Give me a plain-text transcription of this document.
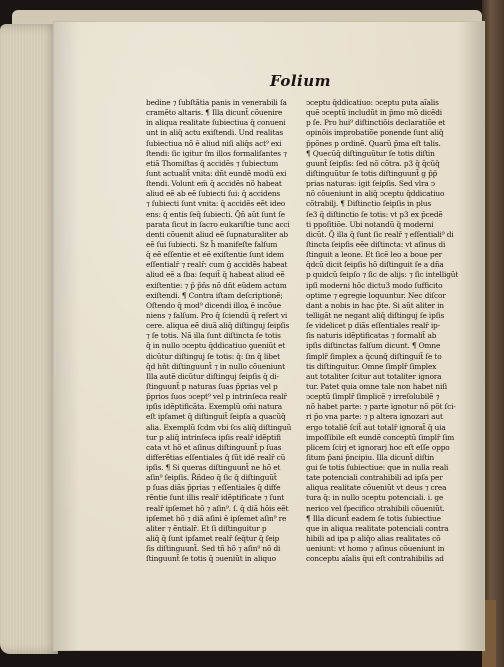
Folium
bedine ⁊ ſubſtãtia panis in venerabili ſa
cramẽto altaris. ¶ Illa dicunt̄ cõuenire
in aliqua realitate ſubiectiua q̄ conueni
unt in aliq̄ actu exiſtendi. Und realitas
ſubiectiua nõ ē aliud niſi aliq̄s act⁹ exi
ſtendi: ſic igitur ſm illos formaliſantes ⁊
etiã Thomiſtas q̄ accidẽs ⁊ ſubiectum
ſunt actualit̄ vnita: dñt eundẽ modū exi
ſtendi. Volunt em̄ q̄ accidẽs nõ habeat
aliud eẽ ab eẽ ſubiecti ſui: q̄ accidens
⁊ ſubiecti ſunt vnita: q̄ accidẽs eẽt ideo
ens: q̄ entis ſeq̄ ſubiecti. Q̄ñ aũt ſunt ſe
parata ſicut in ſacro eukariſtie tunc acci
denti cõuenit aliud eẽ ſupnaturaliter ab
eẽ ſui ſubiecti. Sz h̄ manifeſte falſum
q̄ eẽ eſſentie et eẽ exiſtentie ſunt idem
eſſentialr̄ ⁊ realr̄: cum ḡ accidẽs habeat
aliud eẽ a ſba: ſequit̄ q̄ habeat aliud eẽ
exiſtentie: ⁊ p̄ p̄ñs nõ dñt eũdem actum
exiſtendi. ¶ Contra iſtam deſcriptionẽ;
Oſtendo q̄ mod⁹ dicendi illoꝝ ē incõue
niens ⁊ falſum. Pro q̄ ſciendũ q̄ refert vi
cere. aliqua eẽ diuã aliq̄ diſtinguj ſeipſis
⁊ ſe totis. Nã illa ſunt diſtincta ſe totis
q̄ in nullo ↄceptu q̄ddicatiuo ꝯueniũt et
dicũtur diſtinguj ſe totis: q̄: ſm q̄ libet
q̄d hñt diſtinguunt̄ ⁊ in nullo cõueniunt
Illa autẽ dicũtur diſtinguj ſeipſis q̄ di-
ſtinguunt̄ p naturas ſuas p̄prias vel p
p̄prios ſuos ↄcept⁹ vel p intrinſeca realr̄
ipſis idẽptificãta. Exemplũ om̄i natura
eſt ipſamet q̄ diſtinguit̄ ſeipſa a quacũq̄
alia. Exemplũ ſcdm vbi ſcs aliq̄ diſtinguũ
tur p aliq̄ intrinſeca ipſis realr̄ idẽptifi
cata vt hõ et aſinus diſtinguunt̄ p ſuas
differẽtias eſſentiales q̄ ſũt idẽ realr̄ cũ
ipſis. ¶ Si queras diſtinguunt̄ ne hõ et
aſin⁹ ſeipſis. R̄ñdeo q̄ ſic q̄ diſtinguũt̄
p ſuas diãs p̄prias ⁊ eſſentiales q̄ diffe
rẽntie ſunt illis realr̄ idẽptificate ⁊ ſunt
realr̄ ipſemet hõ ⁊ aſin⁹. ſ. q̄ diã hõis eẽt
ipſemet hõ ⁊ diã aſini ē ipſemet aſin⁹ re
aliter ⁊ ẽntialr̄. Et ſi diſtinguitur p
aliq̄ q̄ ſunt ipſamet realr̄ ſeq̄tur q̄ ſeip
ſis diſtinguunt̄. Sed tñ hõ ⁊ aſin⁹ nõ di
ſtinguunt̄ ſe totis q̄ ↄueniũt in aliquo
ↄceptu q̄ddicatiuo: ↄceptu puta aĩalis
quẽ ↄceptũ includũt in p̄mo mõ dicẽdi
p ſe. Pro hui⁹ diſtinctiõis declaratiõe et
opinõis improbatiõe ponende ſunt aliq̄
p̄põnes p ordinẽ. Quarũ p̄ma eſt talis.
¶ Quecũq̄ diſtinguũtur ſe totis diſtin
guunt̄ ſeipſis: ſed nõ cõtra. p3 q̄ q̄cũq̄
diſtinguũtur ſe totis diſtinguunt̄ g p̄p̄
prias naturas: igit ſeipſis. Sed vlra ↄ
nõ cõueniunt in aliq̄ ↄceptu q̄ddicatiuo
cõtrabilj. ¶ Diſtinctio ſeipſis in plus
ſe3 q̄ diſtinctio ſe totis: vt p3 ex p̄cedẽ
ti ppoſitiõe. Ubi notandũ q̄ moderni
dicũt. Q̄ illa q̄ ſunt ſic realr̄ ⁊ eſſentiali⁹ di
ſtincta ſeipſis eẽe diſtincta: vt aſinus di
ſtinguit a leone. Et ſicẽ leo a boue per
q̄dcũ dicit ſeipſis hõ diſtinguit ſe a dña
p quidcũ ſeipſo ⁊ ſic de alijs: ⁊ ſic intelligũt
ipſi moderni hõc dictu3 modo ſufficito
optime ⁊ egregie loquuntur. Nec diſcor
dant a nobis in hac p̄te. Si aũt aliter in
telligãt ne negant aliq̄ diſtinguj ſe ipſis
ſe videlicet p diãs eſſentiales realr̄ ip-
ſis naturis idẽptificatas ⁊ formalit̄ ab
ipſis diſtinctas falſum dicunt. ¶ Omne
ſimplr̄ ſimplex a q̄cunq̄ diſtinguit̄ ſe to
tis diſtinguitur. Omne ſimplr̄ ſimplex
aut totaliter ſcitur aut totaliter ignora
tur. Patet quia omne tale non habet niſi
ↄceptũ ſimplr̄ ſimplicẽ ⁊ irreſolubilẽ ⁊
nõ habet parte: ⁊ parte ignotur nõ põt ſci-
ri p̄o vna parte: ⁊ p altera ignozari aut
ergo totaliẽ ſcit̄ aut totalr̄ ignorat̄ q̄ uia
impoſſibile eſt eundẽ conceptũ ſimplr̄ ſim
plicem ſcirj et ignorarj hoc eſt eſſe oppo
ſitum p̄ani p̄ncipiu. Illa dicunt̄ diſtin
gui ſe totis ſubiectiue: que in nulla reali
tate potenciali contrahibili ad ipſa per
aliqua realitate cõueniũt vt deus ⁊ crea
tura q̄: in nullo ↄceptu potenciali. i. ge
nerico vel ſpecifico ↄtrahibili cõueniũt.
¶ Illa dicunt̄ eadem ſe totis ſubiectiue
que in aliqua realitate potenciali contra
hibili ad ipa p aliq̄o alias realitates cõ
ueniunt: vt homo ⁊ aſinus cõueniunt in
conceptu aĩalis q̄ui eſt contrahibilis ad
